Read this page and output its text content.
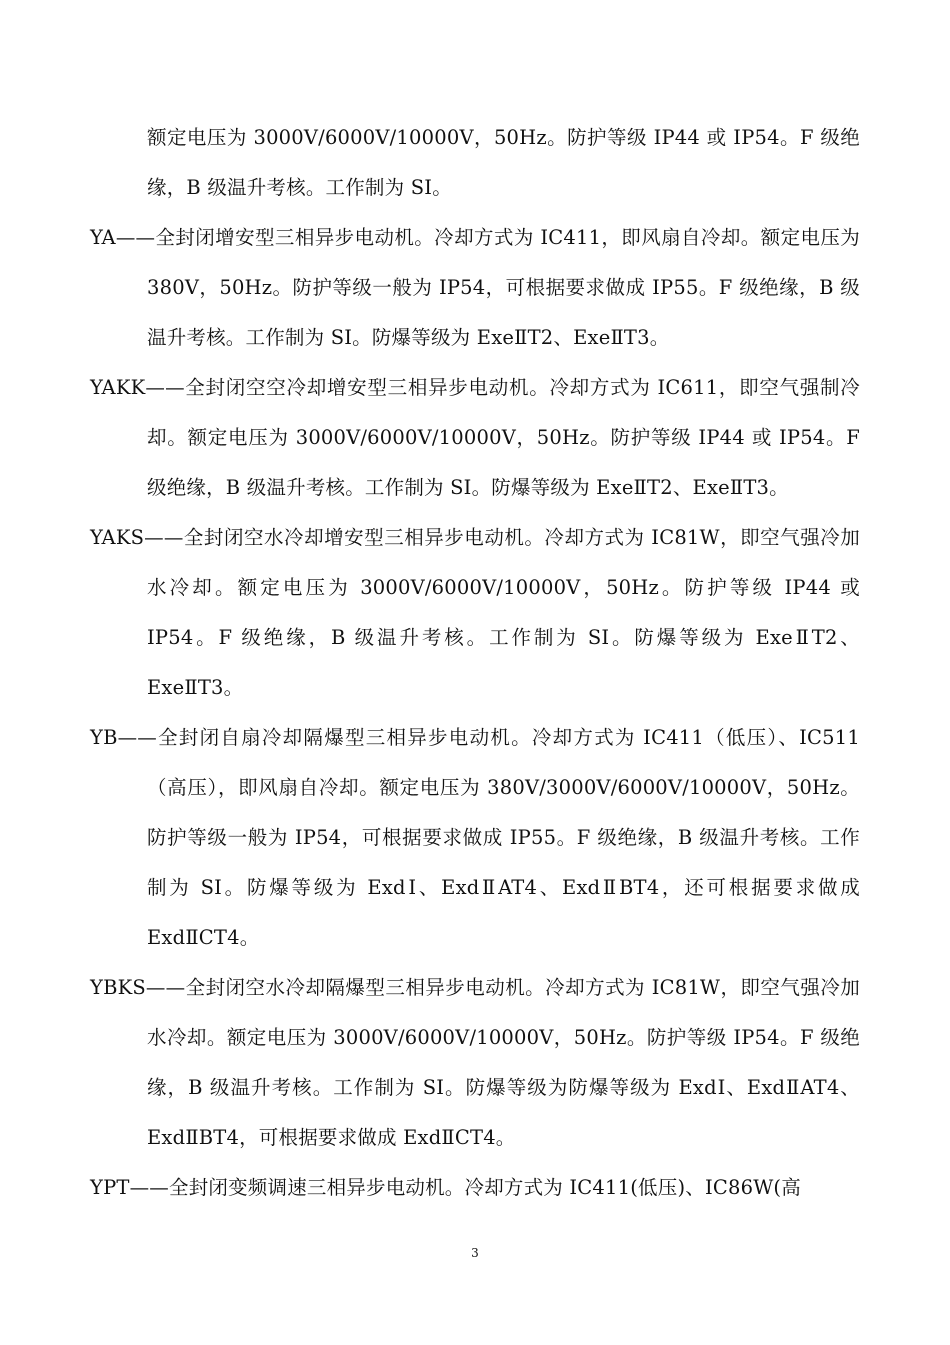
额定电压为 3000V/6000V/10000V，50Hz。防护等级 IP44 或 IP54。F 级绝缘，B 级温升考核。工作制为 SI。

YA——全封闭增安型三相异步电动机。冷却方式为 IC411，即风扇自冷却。额定电压为 380V，50Hz。防护等级一般为 IP54，可根据要求做成 IP55。F 级绝缘，B 级温升考核。工作制为 SI。防爆等级为 ExeⅡT2、ExeⅡT3。

YAKK——全封闭空空冷却增安型三相异步电动机。冷却方式为 IC611，即空气强制冷却。额定电压为 3000V/6000V/10000V，50Hz。防护等级 IP44 或 IP54。F 级绝缘，B 级温升考核。工作制为 SI。防爆等级为 ExeⅡT2、ExeⅡT3。

YAKS——全封闭空水冷却增安型三相异步电动机。冷却方式为 IC81W，即空气强冷加水冷却。额定电压为 3000V/6000V/10000V，50Hz。防护等级 IP44 或 IP54。F 级绝缘，B 级温升考核。工作制为 SI。防爆等级为 ExeⅡT2、ExeⅡT3。

YB——全封闭自扇冷却隔爆型三相异步电动机。冷却方式为 IC411（低压）、IC511（高压），即风扇自冷却。额定电压为 380V/3000V/6000V/10000V，50Hz。防护等级一般为 IP54，可根据要求做成 IP55。F 级绝缘，B 级温升考核。工作制为 SI。防爆等级为 ExdⅠ、ExdⅡAT4、ExdⅡBT4，还可根据要求做成 ExdⅡCT4。

YBKS——全封闭空水冷却隔爆型三相异步电动机。冷却方式为 IC81W，即空气强冷加水冷却。额定电压为 3000V/6000V/10000V，50Hz。防护等级 IP54。F 级绝缘，B 级温升考核。工作制为 SI。防爆等级为防爆等级为 ExdⅠ、ExdⅡAT4、ExdⅡBT4，可根据要求做成 ExdⅡCT4。

YPT——全封闭变频调速三相异步电动机。冷却方式为 IC411(低压)、IC86W(高

3
